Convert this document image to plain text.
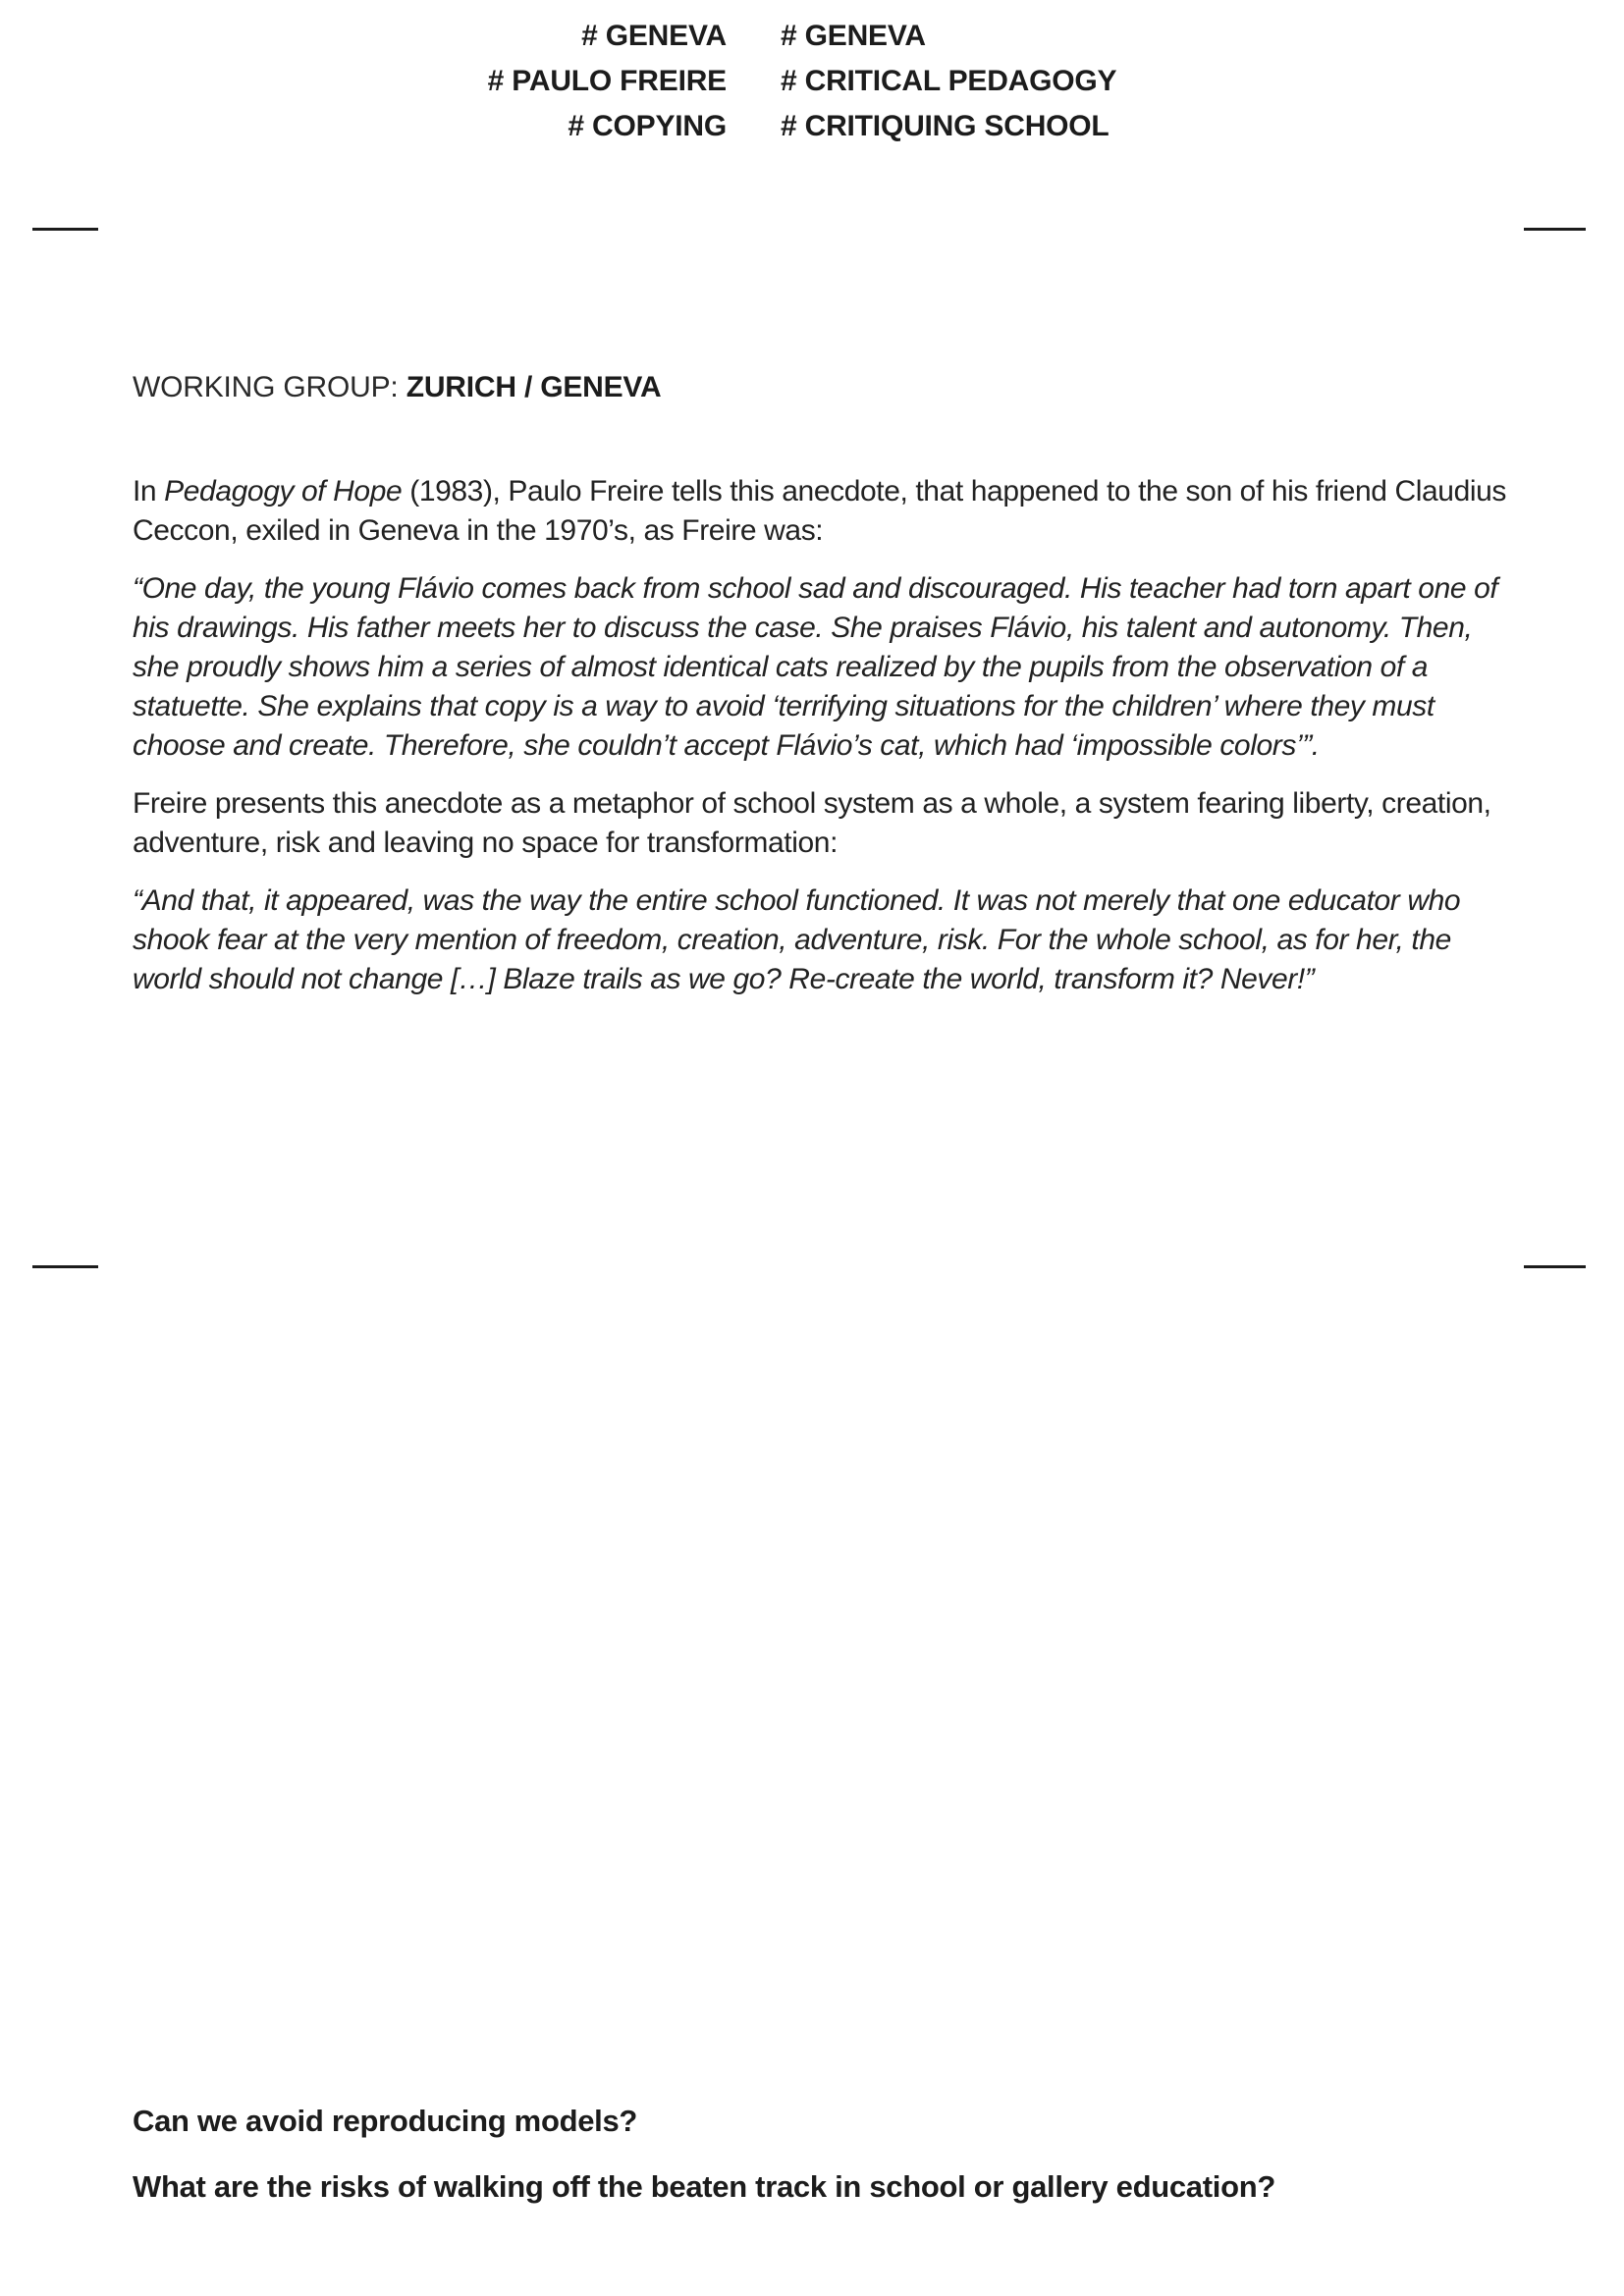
# GENEVA
# PAULO FREIRE
# COPYING
# GENEVA
# CRITICAL PEDAGOGY
# CRITIQUING SCHOOL
WORKING GROUP: ZURICH / GENEVA

In Pedagogy of Hope (1983), Paulo Freire tells this anecdote, that happened to the son of his friend Claudius Ceccon, exiled in Geneva in the 1970’s, as Freire was:

“One day, the young Flávio comes back from school sad and discouraged. His teacher had torn apart one of his drawings. His father meets her to discuss the case. She praises Flávio, his talent and autonomy. Then, she proudly shows him a series of almost identical cats realized by the pupils from the observation of a statuette. She explains that copy is a way to avoid ‘terrifying situations for the children’ where they must choose and create. Therefore, she couldn’t accept Flávio’s cat, which had ‘impossible colors’”.

Freire presents this anecdote as a metaphor of school system as a whole, a system fearing liberty, creation, adventure, risk and leaving no space for transformation:

“And that, it appeared, was the way the entire school functioned. It was not merely that one educator who shook fear at the very mention of freedom, creation, adventure, risk. For the whole school, as for her, the world should not change […] Blaze trails as we go? Re-create the world, transform it? Never!”

Can we avoid reproducing models?

What are the risks of walking off the beaten track in school or gallery education?
